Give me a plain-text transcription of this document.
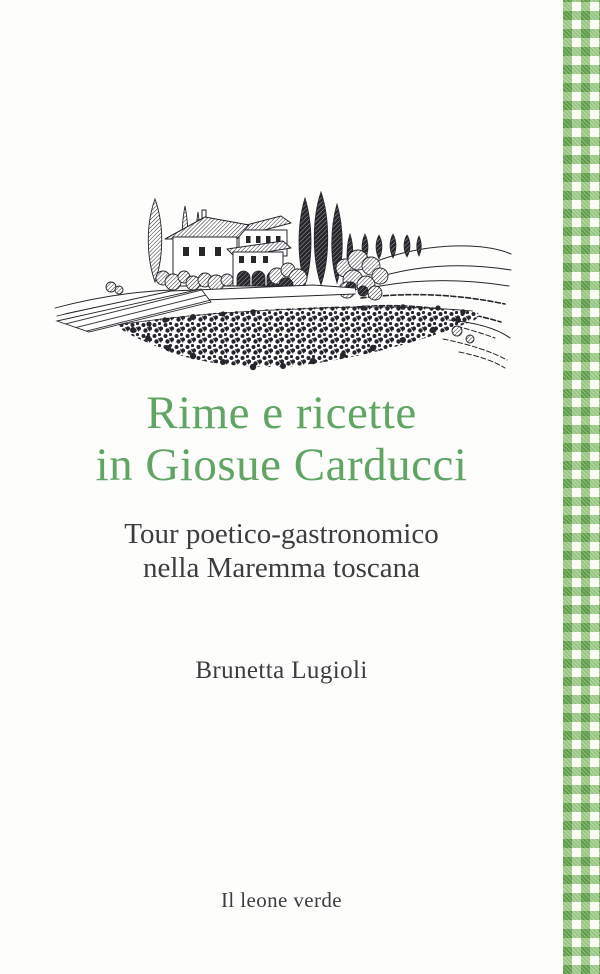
Rime e ricette
in Giosue Carducci
Tour poetico-gastronomico
nella Maremma toscana
Brunetta Lugioli
Il leone verde
